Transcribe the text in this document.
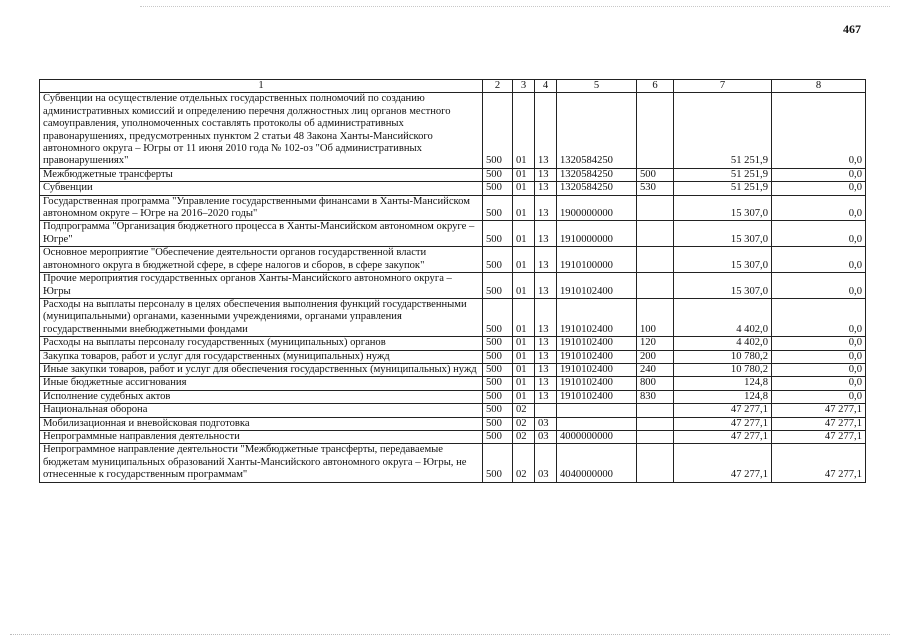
467
1	2	3	4	5	6	7	8
Субвенции на осуществление отдельных государственных полномочий по созданию административных комиссий и определению перечня должностных лиц органов местного самоуправления, уполномоченных составлять протоколы об административных правонарушениях, предусмотренных пунктом 2 статьи 48 Закона Ханты-Мансийского автономного округа – Югры от 11 июня 2010 года № 102-оз "Об административных правонарушениях"	500	01	13	1320584250		51 251,9	0,0
Межбюджетные трансферты	500	01	13	1320584250	500	51 251,9	0,0
Субвенции	500	01	13	1320584250	530	51 251,9	0,0
Государственная программа "Управление государственными финансами в Ханты-Мансийском автономном округе – Югре на 2016–2020 годы"	500	01	13	1900000000		15 307,0	0,0
Подпрограмма "Организация бюджетного процесса в Ханты-Мансийском автономном округе – Югре"	500	01	13	1910000000		15 307,0	0,0
Основное мероприятие "Обеспечение деятельности органов государственной власти автономного округа в бюджетной сфере, в сфере налогов и сборов, в сфере закупок"	500	01	13	1910100000		15 307,0	0,0
Прочие мероприятия государственных органов Ханты-Мансийского автономного округа – Югры	500	01	13	1910102400		15 307,0	0,0
Расходы на выплаты персоналу в целях обеспечения выполнения функций государственными (муниципальными) органами, казенными учреждениями, органами управления государственными внебюджетными фондами	500	01	13	1910102400	100	4 402,0	0,0
Расходы на выплаты персоналу государственных (муниципальных) органов	500	01	13	1910102400	120	4 402,0	0,0
Закупка товаров, работ и услуг для государственных (муниципальных) нужд	500	01	13	1910102400	200	10 780,2	0,0
Иные закупки товаров, работ и услуг для обеспечения государственных (муниципальных) нужд	500	01	13	1910102400	240	10 780,2	0,0
Иные бюджетные ассигнования	500	01	13	1910102400	800	124,8	0,0
Исполнение судебных актов	500	01	13	1910102400	830	124,8	0,0
Национальная оборона	500	02				47 277,1	47 277,1
Мобилизационная и вневойсковая подготовка	500	02	03			47 277,1	47 277,1
Непрограммные направления деятельности	500	02	03	4000000000		47 277,1	47 277,1
Непрограммное направление деятельности "Межбюджетные трансферты, передаваемые бюджетам муниципальных образований Ханты-Мансийского автономного округа – Югры, не отнесенные к государственным программам"	500	02	03	4040000000		47 277,1	47 277,1
